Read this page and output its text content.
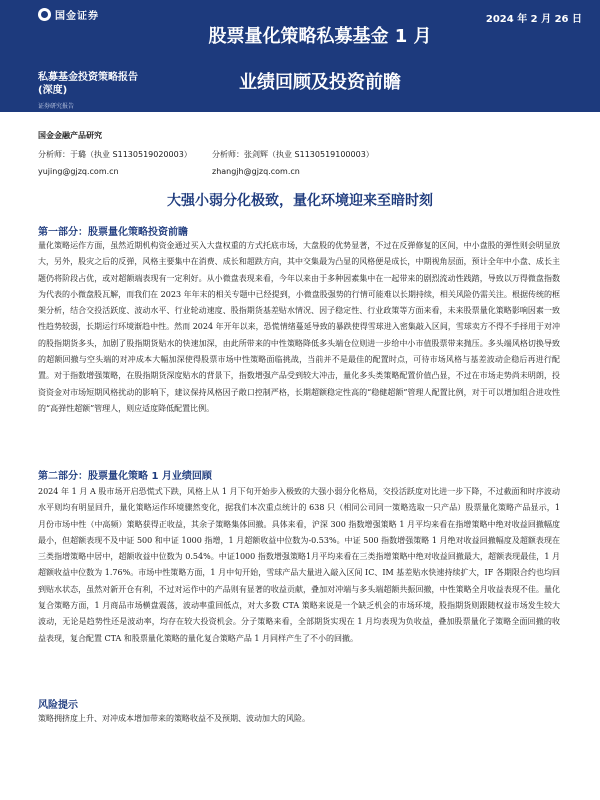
国金证券	2024 年 2 月 26 日
股票量化策略私募基金 1 月
业绩回顾及投资前瞻
私募基金投资策略报告
(深度)
证券研究报告
国金金融产品研究
分析师：于璐（执业 S1130519020003）
yujing@gjzq.com.cn
分析师：张剑辉（执业 S1130519100003）
zhangjh@gjzq.com.cn
大强小弱分化极致，量化环境迎来至暗时刻
第一部分：股票量化策略投资前瞻

量化策略运作方面，虽然近期机构资金通过买入大盘权重的方式托底市场，大盘股的优势显著，不过在反弹修复的区间，中小盘股的弹性则会明显放大，另外，股灾之后的反弹，风格主要集中在消费、成长和超跌方向，其中交集最为凸显的风格便是成长，中期视角层面，预计全年中小盘、成长主题仍将阶段占优，或对超额端表现有一定利好。从小微盘表现来看，今年以来由于多种因素集中在一起带来的剧烈流动性践踏，导致以万得微盘指数为代表的小微盘股瓦解，而我们在 2023 年年末的相关专题中已经提到，小微盘股强势的行情可能难以长期持续，相关风险仍需关注。根据传统的框架分析，结合交投活跃度、波动水平、行业轮动速度、股指期货基差贴水情况、因子稳定性、行业政策等方面来看，未来股票量化策略影响因素一致性趋势较弱，长期运行环境渐趋中性。然而 2024 年开年以来，恐慌情绪蔓延导致的暴跌使得雪球进入密集敲入区间，雪球卖方不得不手择用于对冲的股指期货多头，加剧了股指期货贴水的快速加深，由此所带来的中性策略降低多头端仓位则进一步给中小市值股票带来抛压。多头端风格切换导致的超额回撤与空头端的对冲成本大幅加深使得股票市场中性策略面临挑战，当前并不是最佳的配置时点，可待市场风格与基差波动企稳后再进行配置。对于指数增强策略，在股指期货深度贴水的背景下，指数增强产品受到较大冲击，量化多头类策略配置价值凸显，不过在市场走势尚未明朗，投资资金对市场短期风格扰动的影响下，建议保持风格因子敞口控制严格，长期超额稳定性高的“稳健超额”管理人配置比例，对于可以增加组合进攻性的“高弹性超额”管理人，则应适度降低配置比例。

第二部分：股票量化策略 1 月业绩回顾

2024 年 1 月 A 股市场开启恐慌式下跌，风格上从 1 月下旬开始步入极致的大强小弱分化格局，交投活跃度对比进一步下降，不过截面和时序波动水平则均有明显回升，量化策略运作环境骤然变化，据我们本次重点统计的 638 只（相同公司同一策略选取一只产品）股票量化策略产品显示，1 月份市场中性（中高频）策略获得正收益，其余子策略集体回撤。具体来看，沪深 300 指数增强策略 1 月平均来看在指增策略中绝对收益回撤幅度最小，但超额表现不及中证 500 和中证 1000 指增，1 月超额收益中位数为-0.53%。中证 500 指数增强策略 1 月绝对收益回撤幅度及超额表现在三类指增策略中居中，超额收益中位数为 0.54%。中证1000 指数增强策略1月平均来看在三类指增策略中绝对收益回撤最大，超额表现最佳，1 月超额收益中位数为 1.76%。市场中性策略方面，1 月中旬开始，雪球产品大量进入敲入区间 IC、IM 基差贴水快速持续扩大，IF 各期限合约也均回到贴水状态，虽然对新开仓有利，不过对运作中的产品则有显著的收益贡献，叠加对冲端与多头端超额共振回撤，中性策略全月收益表现不佳。量化复合策略方面，1 月商品市场横盘震荡，波动率重回低点，对大多数 CTA 策略来说是一个缺乏机会的市场环境，股指期货则跟随权益市场发生较大波动，无论是趋势性还是波动率，均存在较大投资机会。分子策略来看，全部期货实现在 1 月均表现为负收益，叠加股票量化子策略全面回撤的收益表现，复合配置 CTA 和股票量化策略的量化复合策略产品 1 月同样产生了不小的回撤。

风险提示

策略拥挤度上升、对冲成本增加带来的策略收益不及预期、波动加大的风险。
